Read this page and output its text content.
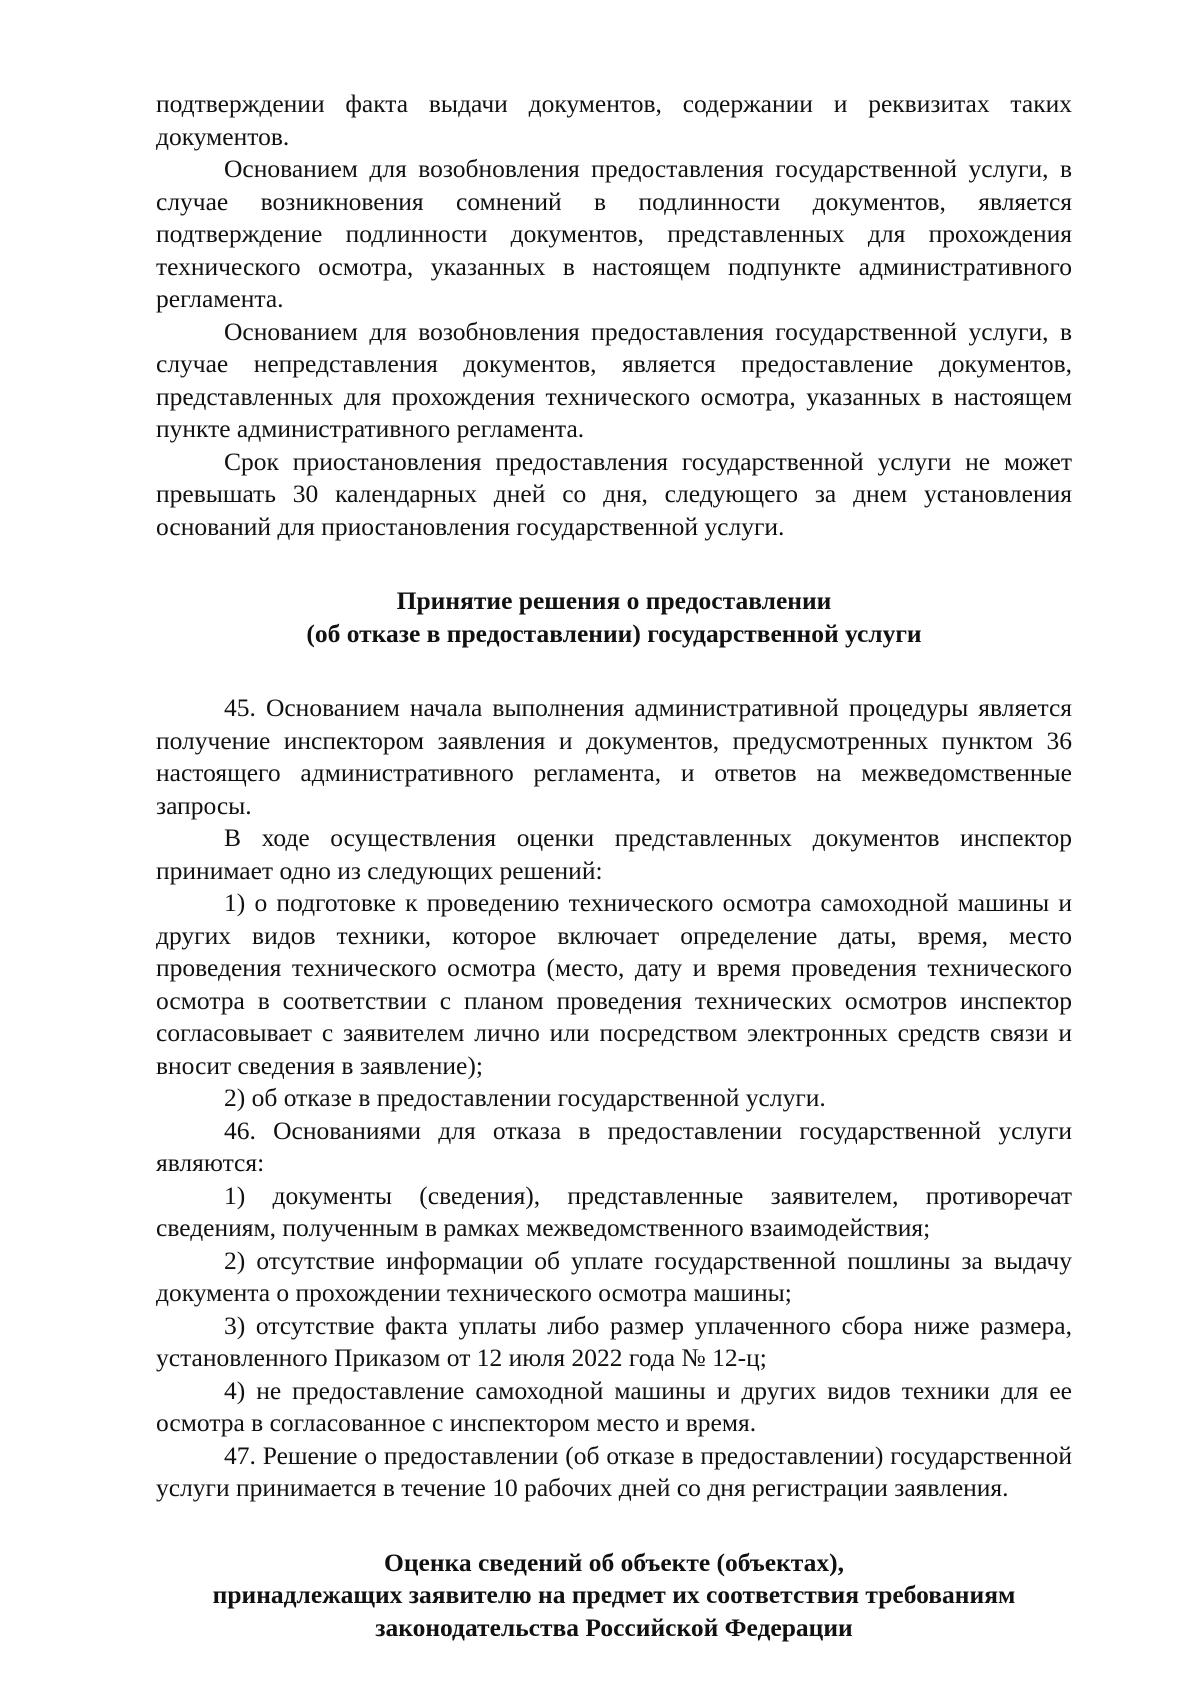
подтверждении факта выдачи документов, содержании и реквизитах таких документов.

Основанием для возобновления предоставления государственной услуги, в случае возникновения сомнений в подлинности документов, является подтверждение подлинности документов, представленных для прохождения технического осмотра, указанных в настоящем подпункте административного регламента.

Основанием для возобновления предоставления государственной услуги, в случае непредставления документов, является предоставление документов, представленных для прохождения технического осмотра, указанных в настоящем пункте административного регламента.

Срок приостановления предоставления государственной услуги не может превышать 30 календарных дней со дня, следующего за днем установления оснований для приостановления государственной услуги.

Принятие решения о предоставлении
(об отказе в предоставлении) государственной услуги

45. Основанием начала выполнения административной процедуры является получение инспектором заявления и документов, предусмотренных пунктом 36 настоящего административного регламента, и ответов на межведомственные запросы.

В ходе осуществления оценки представленных документов инспектор принимает одно из следующих решений:

1) о подготовке к проведению технического осмотра самоходной машины и других видов техники, которое включает определение даты, время, место проведения технического осмотра (место, дату и время проведения технического осмотра в соответствии с планом проведения технических осмотров инспектор согласовывает с заявителем лично или посредством электронных средств связи и вносит сведения в заявление);

2) об отказе в предоставлении государственной услуги.

46. Основаниями для отказа в предоставлении государственной услуги являются:

1) документы (сведения), представленные заявителем, противоречат сведениям, полученным в рамках межведомственного взаимодействия;

2) отсутствие информации об уплате государственной пошлины за выдачу документа о прохождении технического осмотра машины;

3) отсутствие факта уплаты либо размер уплаченного сбора ниже размера, установленного Приказом от 12 июля 2022 года № 12-ц;

4) не предоставление самоходной машины и других видов техники для ее осмотра в согласованное с инспектором место и время.

47. Решение о предоставлении (об отказе в предоставлении) государственной услуги принимается в течение 10 рабочих дней со дня регистрации заявления.

Оценка сведений об объекте (объектах),
принадлежащих заявителю на предмет их соответствия требованиям
законодательства Российской Федерации
